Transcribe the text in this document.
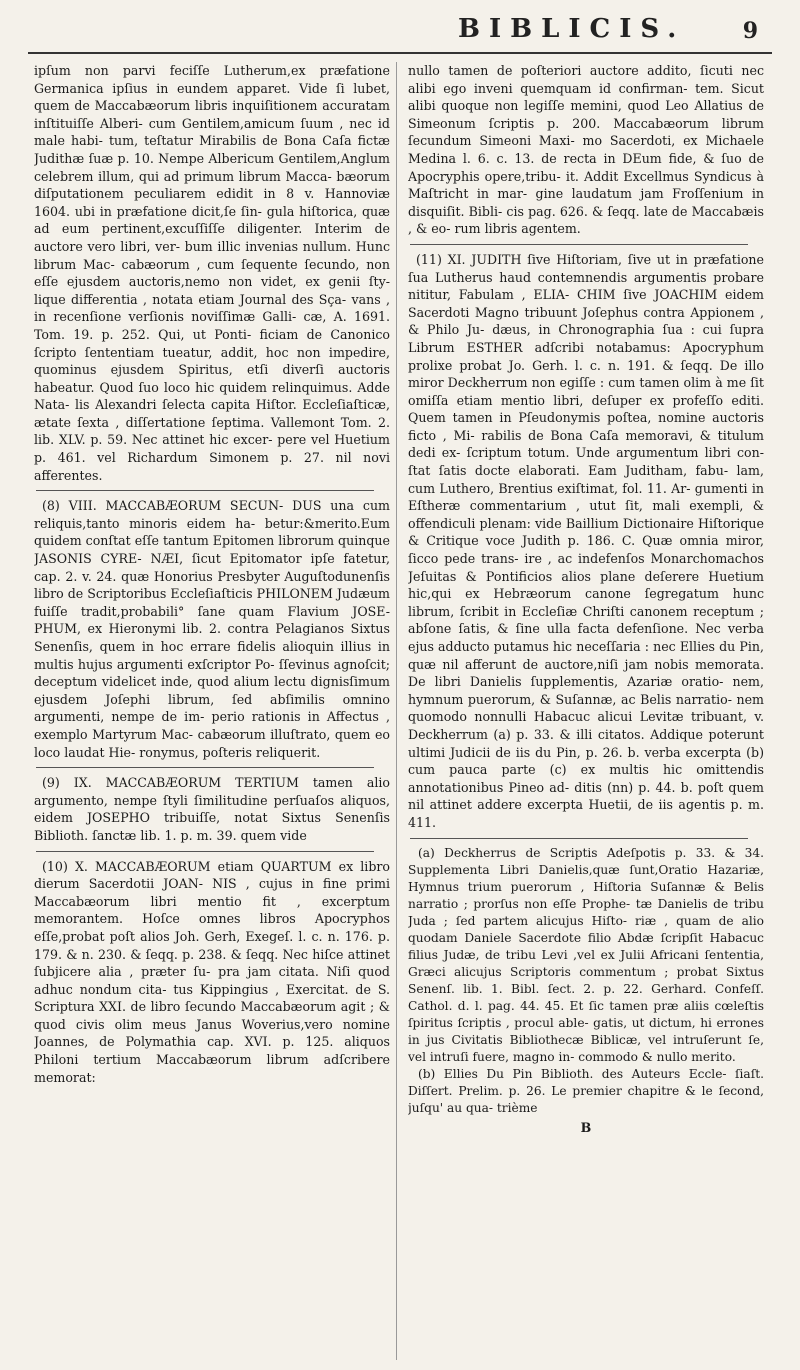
BIBLICIS.	9

ipſum non parvi feciſſe Lutherum,ex præfatione Germanica ipſius in eundem apparet. Vide ſi lubet, quem de Maccabæorum libris inquiſitionem accuratam inſtituiſſe Alberi- cum Gentilem,amicum ſuum , nec id male habi- tum, teſtatur Mirabilis de Bona Caſa fictæ Judithæ ſuæ p. 10. Nempe Albericum Gentilem,Anglum celebrem illum, qui ad primum librum Macca- bæorum diſputationem peculiarem edidit in 8 v. Hannoviæ 1604. ubi in præfatione dicit,ſe ſin- gula hiſtorica, quæ ad eum pertinent,excuſſiſſe diligenter. Interim de auctore vero libri, ver- bum illic invenias nullum. Hunc librum Mac- cabæorum , cum ſequente ſecundo, non eſſe ejusdem auctoris,nemo non videt, ex genii ſty- lique differentia , notata etiam Journal des Sça- vans , in recenſione verſionis noviſſimæ Galli- cæ, A. 1691. Tom. 19. p. 252. Qui, ut Ponti- ficiam de Canonico ſcripto ſententiam tueatur, addit, hoc non impedire, quominus ejusdem Spiritus, etſi diverſi auctoris habeatur. Quod ſuo loco hic quidem relinquimus. Adde Nata- lis Alexandri ſelecta capita Hiſtor. Eccleſiaſticæ, ætate ſexta , diſſertatione ſeptima. Vallemont Tom. 2. lib. XLV. p. 59. Nec attinet hic excer- pere vel Huetium p. 461. vel Richardum Simonem p. 27. nil novi afferentes.

(8) VIII. MACCABÆORUM SECUN- DUS una cum reliquis,tanto minoris eidem ha- betur:&merito.Eum quidem conſtat eſſe tantum Epitomen librorum quinque JASONIS CYRE- NÆI, ſicut Epitomator ipſe fatetur, cap. 2. v. 24. quæ Honorius Presbyter Auguſtodunenſis libro de Scriptoribus Eccleſiaſticis PHILONEM Judæum fuiſſe tradit,probabili° ſane quam Flavium JOSE- PHUM, ex Hieronymi lib. 2. contra Pelagianos Sixtus Senenſis, quem in hoc errare fidelis alioquin illius in multis hujus argumenti exſcriptor Po- ſſevinus agnoſcit; deceptum videlicet inde, quod alium lectu dignisſimum ejusdem Joſephi librum, ſed abſimilis omnino argumenti, nempe de im- perio rationis in Affectus , exemplo Martyrum Mac- cabæorum illuſtrato, quem eo loco laudat Hie- ronymus, poſteris reliquerit.

(9) IX. MACCABÆORUM TERTIUM tamen alio argumento, nempe ſtyli ſimilitudine perſuaſos aliquos, eidem JOSEPHO tribuiſſe, notat Sixtus Senenſis Biblioth. ſanctæ lib. 1. p. m. 39. quem vide

(10) X. MACCABÆORUM etiam QUARTUM ex libro dierum Sacerdotii JOAN- NIS , cujus in fine primi Maccabæorum libri mentio fit , excerptum memorantem. Hoſce omnes libros Apocryphos eſſe,probat poſt alios Joh. Gerh, Exegeſ. l. c. n. 176. p. 179. & n. 230. & ſeqq. p. 238. & ſeqq. Nec hiſce attinet ſubjicere alia , præter ſu- pra jam citata. Niſi quod adhuc nondum cita- tus Kippingius , Exercitat. de S. Scriptura XXI. de libro ſecundo Maccabæorum agit ; & quod civis olim meus Janus Woverius,vero nomine Joannes, de Polymathia cap. XVI. p. 125. aliquos Philoni tertium Maccabæorum librum adſcribere memorat:

nullo tamen de poſteriori auctore addito, ſicuti nec alibi ego inveni quemquam id confirman- tem. Sicut alibi quoque non legiſſe memini, quod Leo Allatius de Simeonum ſcriptis p. 200. Maccabæorum librum ſecundum Simeoni Maxi- mo Sacerdoti, ex Michaele Medina l. 6. c. 13. de recta in DEum fide, & ſuo de Apocryphis opere,tribu- it. Addit Excellmus Syndicus à Maſtricht in mar- gine laudatum jam Froſſenium in disquiſit. Bibli- cis pag. 626. & ſeqq. late de Maccabæis , & eo- rum libris agentem.

(11) XI. JUDITH ſive Hiſtoriam, ſive ut in præfatione ſua Lutherus haud contemnendis argumentis probare nititur, Fabulam , ELIA- CHIM ſive JOACHIM eidem Sacerdoti Magno tribuunt Joſephus contra Appionem , & Philo Ju- dæus, in Chronographia ſua : cui ſupra Librum ESTHER adſcribi notabamus: Apocryphum prolixe probat Jo. Gerh. l. c. n. 191. & ſeqq. De illo miror Deckherrum non egiſſe : cum tamen olim à me ſit omiſſa etiam mentio libri, deſuper ex profeſſo editi. Quem tamen in Pſeudonymis poſtea, nomine auctoris ficto , Mi- rabilis de Bona Caſa memoravi, & titulum dedi ex- ſcriptum totum. Unde argumentum libri con- ſtat ſatis docte elaborati. Eam Juditham, fabu- lam, cum Luthero, Brentius exiſtimat, fol. 11. Ar- gumenti in Eſtheræ commentarium , utut ſit, mali exempli, & offendiculi plenam: vide Baillium Dictionaire Hiſtorique & Critique voce Judith p. 186. C. Quæ omnia miror, ſicco pede trans- ire , ac indefenſos Monarchomachos Jeſuitas & Pontificios alios plane deſerere Huetium hic,qui ex Hebræorum canone ſegregatum hunc librum, ſcribit in Eccleſiæ Chriſti canonem receptum ; abſone ſatis, & ſine ulla facta defenſione. Nec verba ejus adducto putamus hic neceſſaria : nec Ellies du Pin, quæ nil afferunt de auctore,niſi jam nobis memorata. De libri Danielis ſupplementis, Azariæ oratio- nem, hymnum puerorum, & Suſannæ, ac Belis narratio- nem quomodo nonnulli Habacuc alicui Levitæ tribuant, v. Deckherrum (a) p. 33. & illi citatos. Addique poterunt ultimi Judicii de iis du Pin, p. 26. b. verba excerpta (b) cum pauca parte (c) ex multis hic omittendis annotationibus Pineo ad- ditis (nn) p. 44. b. poſt quem nil attinet addere excerpta Huetii, de iis agentis p. m. 411.

(a) Deckherrus de Scriptis Adeſpotis p. 33. & 34. Supplementa Libri Danielis,quæ ſunt,Oratio Hazariæ, Hymnus trium puerorum , Hiſtoria Suſannæ & Belis narratio ; prorſus non eſſe Prophe- tæ Danielis de tribu Juda ; ſed partem alicujus Hiſto- riæ , quam de alio quodam Daniele Sacerdote filio Abdæ ſcripſit Habacuc filius Judæ, de tribu Levi ,vel ex Julii Africani ſententia, Græci alicujus Scriptoris commentum ; probat Sixtus Senenſ. lib. 1. Bibl. ſect. 2. p. 22. Gerhard. Confeſſ. Cathol. d. l. pag. 44. 45. Et ſic tamen præ aliis cœleſtis ſpiritus ſcriptis , procul able- gatis, ut dictum, hi errones in jus Civitatis Bibliothecæ Biblicæ, vel intruſerunt ſe, vel intruſi fuere, magno in- commodo & nullo merito.

(b) Ellies Du Pin Biblioth. des Auteurs Eccle- ſiaſt. Diſſert. Prelim. p. 26. Le premier chapitre & le ſecond, juſqu' au qua- trième

B
